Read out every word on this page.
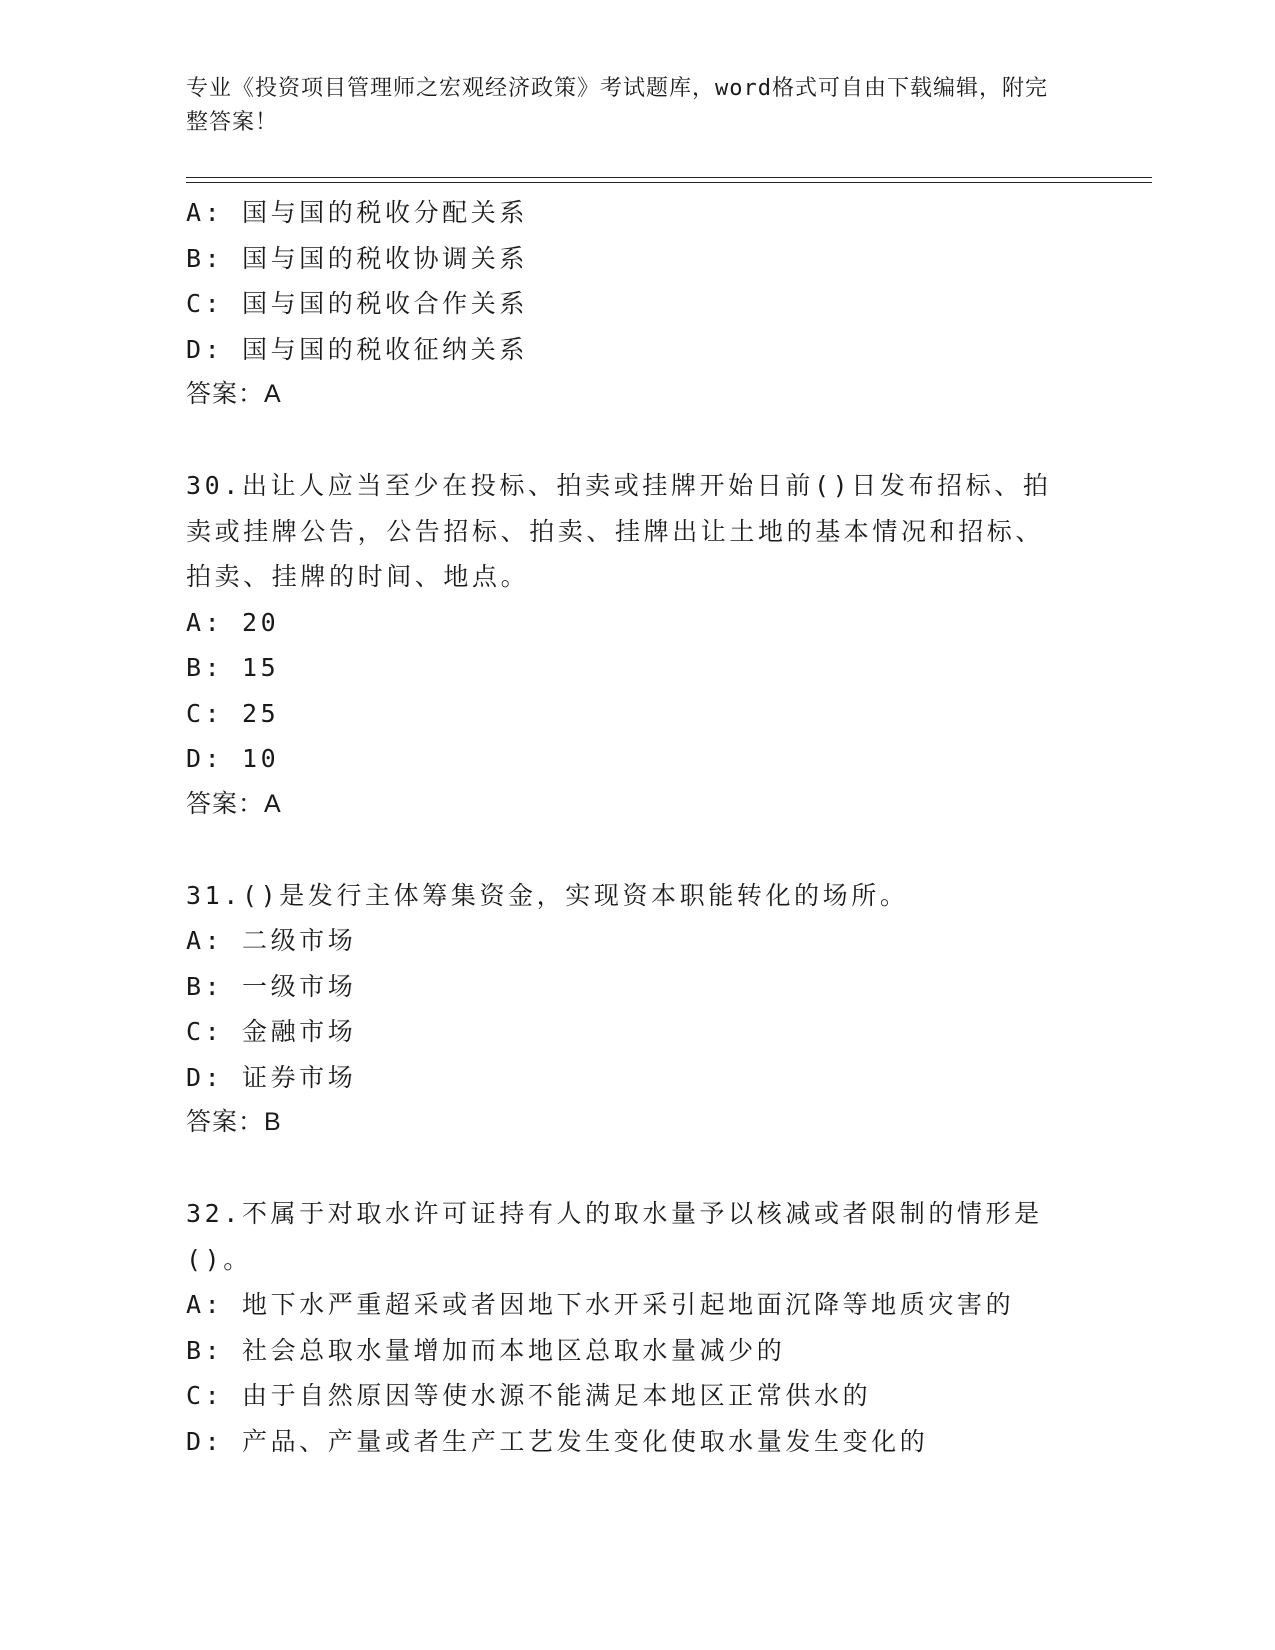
专业《投资项目管理师之宏观经济政策》考试题库，word格式可自由下载编辑，附完整答案！
A: 国与国的税收分配关系
B: 国与国的税收协调关系
C: 国与国的税收合作关系
D: 国与国的税收征纳关系
答案：A
30.出让人应当至少在投标、拍卖或挂牌开始日前()日发布招标、拍卖或挂牌公告，公告招标、拍卖、挂牌出让土地的基本情况和招标、拍卖、挂牌的时间、地点。
A: 20
B: 15
C: 25
D: 10
答案：A
31.()是发行主体筹集资金，实现资本职能转化的场所。
A: 二级市场
B: 一级市场
C: 金融市场
D: 证券市场
答案：B
32.不属于对取水许可证持有人的取水量予以核减或者限制的情形是()。
A: 地下水严重超采或者因地下水开采引起地面沉降等地质灾害的
B: 社会总取水量增加而本地区总取水量减少的
C: 由于自然原因等使水源不能满足本地区正常供水的
D: 产品、产量或者生产工艺发生变化使取水量发生变化的
